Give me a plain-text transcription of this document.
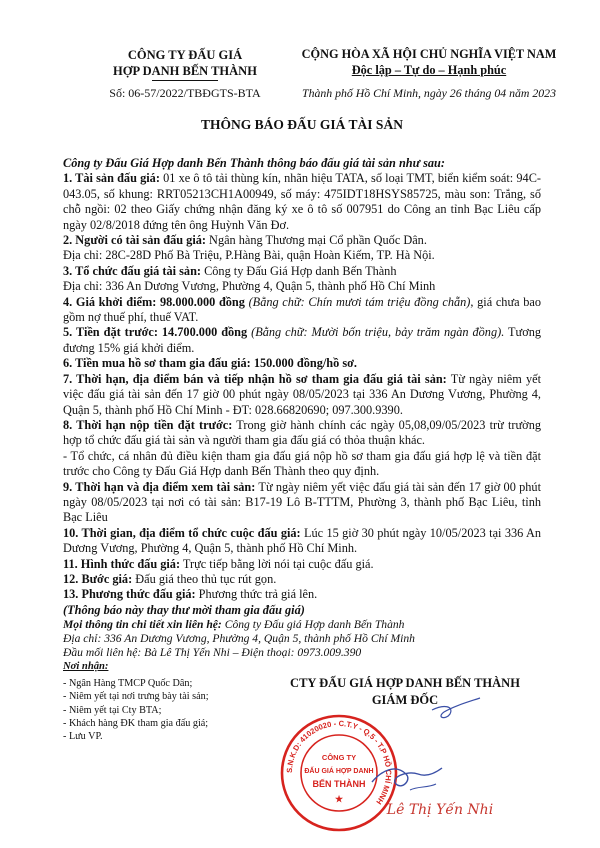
CÔNG TY ĐẤU GIÁ
HỢP DANH BẾN THÀNH
Số: 06-57/2022/TBĐGTS-BTA
CỘNG HÒA XÃ HỘI CHỦ NGHĨA VIỆT NAM
Độc lập – Tự do – Hạnh phúc
Thành phố Hồ Chí Minh, ngày 26 tháng 04 năm 2023
THÔNG BÁO ĐẤU GIÁ TÀI SẢN

Công ty Đấu Giá Hợp danh Bến Thành thông báo đấu giá tài sản như sau:

1. Tài sản đấu giá: 01 xe ô tô tải thùng kín, nhãn hiệu TATA, số loại TMT, biển kiểm soát: 94C-043.05, số khung: RRT05213CH1A00949, số máy: 475IDT18HSYS85725, màu son: Trắng, số chỗ ngồi: 02 theo Giấy chứng nhận đăng ký xe ô tô số 007951 do Công an tỉnh Bạc Liêu cấp ngày 02/8/2018 đứng tên ông Huỳnh Văn Đơ.

2. Người có tài sản đấu giá: Ngân hàng Thương mại Cổ phần Quốc Dân.

Địa chỉ: 28C-28D Phố Bà Triệu, P.Hàng Bài, quận Hoàn Kiếm, TP. Hà Nội.

3. Tổ chức đấu giá tài sản: Công ty Đấu Giá Hợp danh Bến Thành

Địa chỉ: 336 An Dương Vương, Phường 4, Quận 5, thành phố Hồ Chí Minh

4. Giá khởi điểm: 98.000.000 đồng (Bằng chữ: Chín mươi tám triệu đồng chẵn), giá chưa bao gồm nợ thuế phí, thuế VAT.

5. Tiền đặt trước: 14.700.000 đồng (Bằng chữ: Mười bốn triệu, bảy trăm ngàn đồng). Tương đương 15% giá khởi điểm.

6. Tiền mua hồ sơ tham gia đấu giá: 150.000 đồng/hồ sơ.

7. Thời hạn, địa điểm bán và tiếp nhận hồ sơ tham gia đấu giá tài sản: Từ ngày niêm yết việc đấu giá tài sản đến 17 giờ 00 phút ngày 08/05/2023 tại 336 An Dương Vương, Phường 4, Quận 5, thành phố Hồ Chí Minh - ĐT: 028.66820690; 097.300.9390.

8. Thời hạn nộp tiền đặt trước: Trong giờ hành chính các ngày 05,08,09/05/2023 trừ trường hợp tổ chức đấu giá tài sản và người tham gia đấu giá có thỏa thuận khác.

- Tổ chức, cá nhân đủ điều kiện tham gia đấu giá nộp hồ sơ tham gia đấu giá hợp lệ và tiền đặt trước cho Công ty Đấu Giá Hợp danh Bến Thành theo quy định.

9. Thời hạn và địa điểm xem tài sản: Từ ngày niêm yết việc đấu giá tài sản đến 17 giờ 00 phút ngày 08/05/2023 tại nơi có tài sản: B17-19 Lô B-TTTM, Phường 3, thành phố Bạc Liêu, tỉnh Bạc Liêu

10. Thời gian, địa điểm tổ chức cuộc đấu giá: Lúc 15 giờ 30 phút ngày 10/05/2023 tại 336 An Dương Vương, Phường 4, Quận 5, thành phố Hồ Chí Minh.

11. Hình thức đấu giá: Trực tiếp bằng lời nói tại cuộc đấu giá.

12. Bước giá: Đấu giá theo thủ tục rút gọn.

13. Phương thức đấu giá: Phương thức trả giá lên.

(Thông báo này thay thư mời tham gia đấu giá)

Mọi thông tin chi tiết xin liên hệ: Công ty Đấu giá Hợp danh Bến Thành

Địa chỉ: 336 An Dương Vương, Phường 4, Quận 5, thành phố Hồ Chí Minh

Đầu mối liên hệ: Bà Lê Thị Yến Nhi – Điện thoại: 0973.009.390

Nơi nhận:
- Ngân Hàng TMCP Quốc Dân;
- Niêm yết tại nơi trưng bày tài sản;
- Niêm yết tại Cty BTA;
- Khách hàng ĐK tham gia đấu giá;
- Lưu VP.
CTY ĐẤU GIÁ HỢP DANH BẾN THÀNH
GIÁM ĐỐC
S.N.K.D: 41020020 - C.T.Y - Q.5 - T.P HỒ CHÍ MINH
CÔNG TY
ĐẤU GIÁ HỢP DANH
BẾN THÀNH
★
Lê Thị Yến Nhi
